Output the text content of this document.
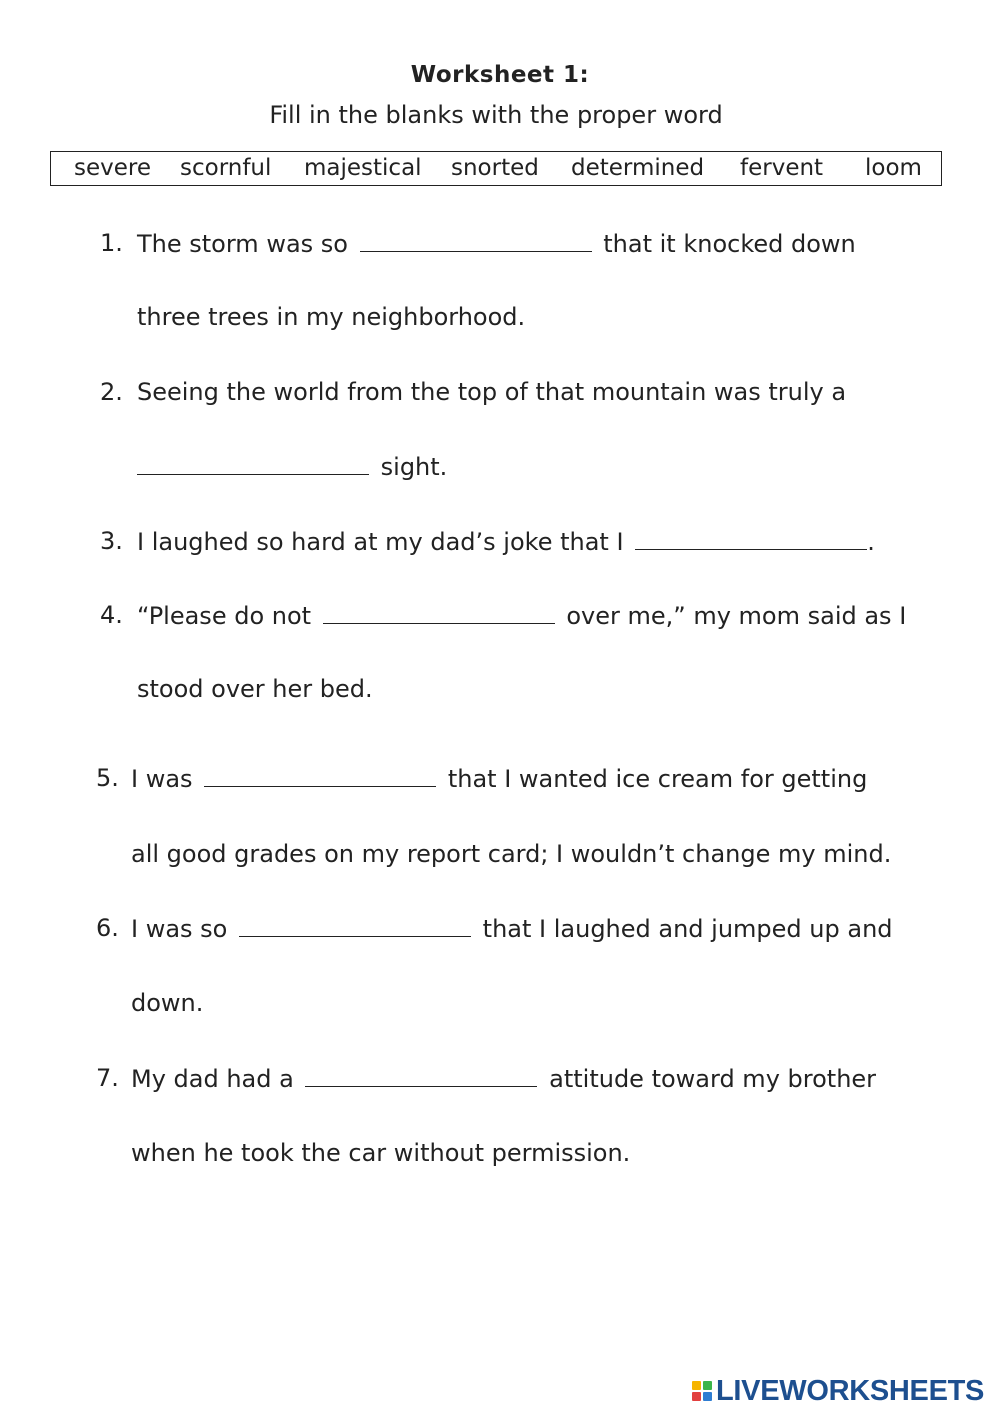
Worksheet 1:
Fill in the blanks with the proper word
severe scornful majestical snorted determined fervent loom
1. The storm was so	that it knocked down
three trees in my neighborhood.
2. Seeing the world from the top of that mountain was truly a
sight.
3. I laughed so hard at my dad’s joke that I	.
4. “Please do not	over me,” my mom said as I
stood over her bed.
5. I was	that I wanted ice cream for getting
all good grades on my report card; I wouldn’t change my mind.
6. I was so	that I laughed and jumped up and
down.
7. My dad had a	attitude toward my brother
when he took the car without permission.
LIVEWORKSHEETS
